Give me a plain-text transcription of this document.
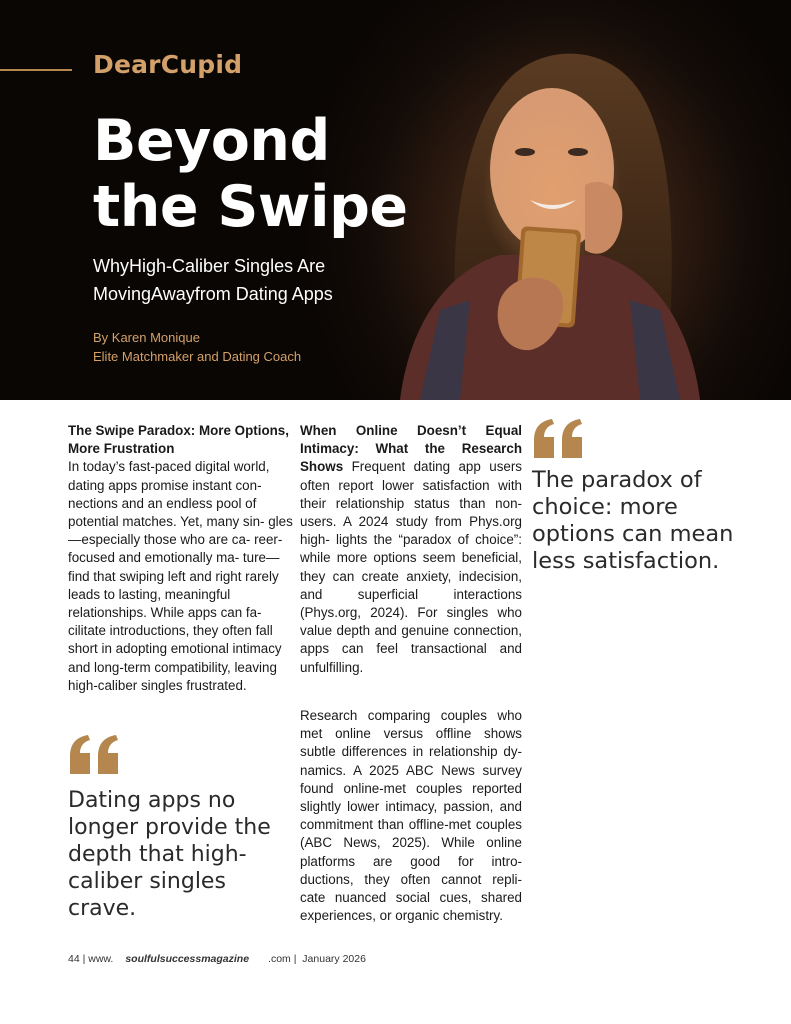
DearCupid
Beyond
the Swipe
WhyHigh-Caliber Singles Are
MovingAwayfrom Dating Apps
By Karen Monique
Elite Matchmaker and Dating Coach
The Swipe Paradox: More Options, More Frustration

In today’s fast-paced digital world, dating apps promise instant con- nections and an endless pool of potential matches. Yet, many sin- gles—especially those who are ca- reer-focused and emotionally ma- ture—find that swiping left and right rarely leads to lasting, meaningful relationships. While apps can fa- cilitate introductions, they often fall short in adopting emotional intimacy and long-term compatibility, leaving high-caliber singles frustrated.

When Online Doesn’t Equal Intimacy: What the Research Shows Frequent dating app users often report lower satisfaction with their relationship status than non- users. A 2024 study from Phys.org high- lights the “paradox of choice”: while more options seem beneficial, they can create anxiety, indecision, and superficial interactions (Phys.org, 2024). For singles who value depth and genuine connection, apps can feel transactional and unfulfilling.

Research comparing couples who met online versus offline shows subtle differences in relationship dy- namics. A 2025 ABC News survey found online-met couples reported slightly lower intimacy, passion, and commitment than offline-met couples (ABC News, 2025). While online platforms are good for intro- ductions, they often cannot repli- cate nuanced social cues, shared experiences, or organic chemistry.

The paradox of choice: more options can mean less satisfaction.
Dating apps no longer provide the depth that high-caliber singles crave.
44 | www. soulfulsuccessmagazine .com | January 2026
